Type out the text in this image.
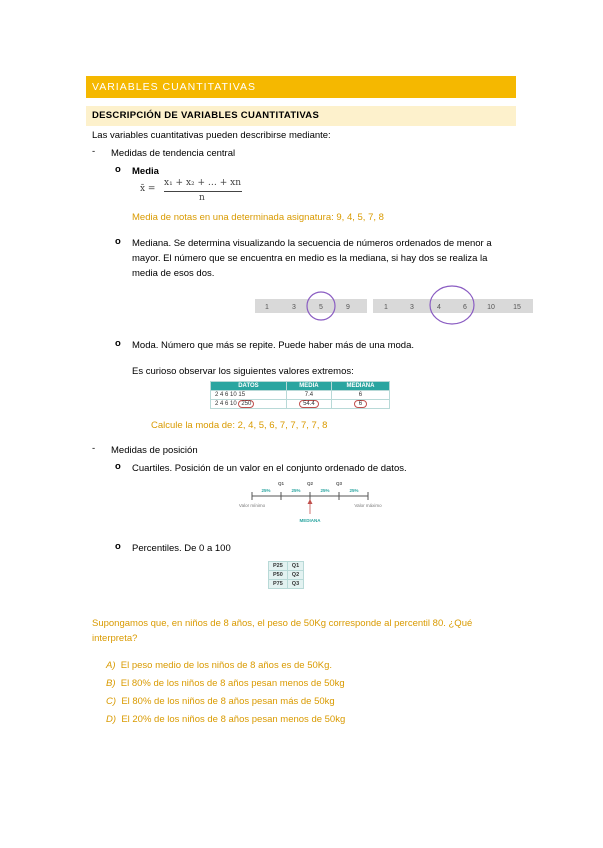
VARIABLES CUANTITATIVAS
DESCRIPCIÓN DE VARIABLES CUANTITATIVAS
Las variables cuantitativas pueden describirse mediante:
- Medidas de tendencia central
o Media
x̄ =
x₁ + x₂ + … + xn
n
Media de notas en una determinada asignatura: 9, 4, 5, 7, 8
o Mediana. Se determina visualizando la secuencia de números ordenados de menor a
mayor. El número que se encuentra en medio es la mediana, si hay dos se realiza la
media de esos dos.
1	3	5	9	1	3	4	6	10	15
o Moda. Número que más se repite. Puede haber más de una moda.
Es curioso observar los siguientes valores extremos:
DATOS	MEDIA	MEDIANA
2 4 6 10 15	7.4	6
2 4 6 10 250	54.4	6
Calcule la moda de: 2, 4, 5, 6, 7, 7, 7, 7, 8
- Medidas de posición
o Cuartiles. Posición de un valor en el conjunto ordenado de datos.
Q1	Q2	Q3
25%	25%	25%	25%
Valor mínimo	Valor máximo
MEDIANA
o Percentiles. De 0 a 100
P25	Q1
P50	Q2
P75	Q3
Supongamos que, en niños de 8 años, el peso de 50Kg corresponde al percentil 80. ¿Qué
interpreta?
A) El peso medio de los niños de 8 años es de 50Kg.
B) El 80% de los niños de 8 años pesan menos de 50kg
C) El 80% de los niños de 8 años pesan más de 50kg
D) El 20% de los niños de 8 años pesan menos de 50kg
